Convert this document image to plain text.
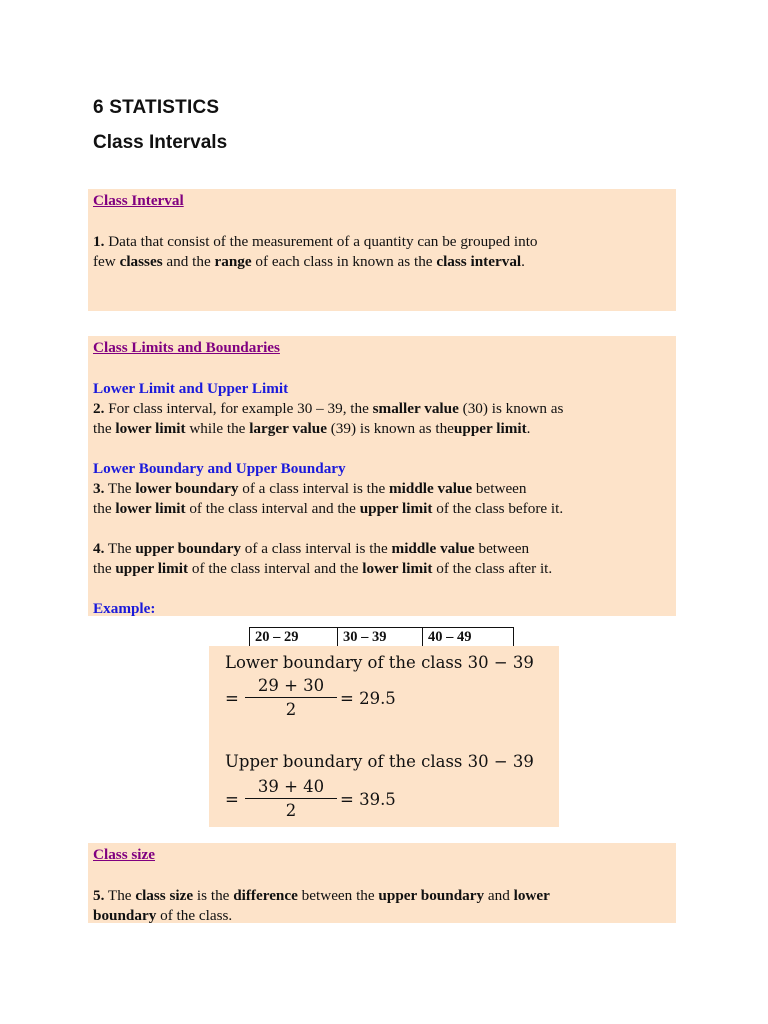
6 STATISTICS
Class Intervals
Class Interval
1. Data that consist of the measurement of a quantity can be grouped into
few classes and the range of each class in known as the class interval.
Class Limits and Boundaries
Lower Limit and Upper Limit
2. For class interval, for example 30 – 39, the smaller value (30) is known as
the lower limit while the larger value (39) is known as theupper limit.
Lower Boundary and Upper Boundary
3. The lower boundary of a class interval is the middle value between
the lower limit of the class interval and the upper limit of the class before it.
4. The upper boundary of a class interval is the middle value between
the upper limit of the class interval and the lower limit of the class after it.
Example:
20 – 29	30 – 39	40 – 49
Lower boundary of the class 30 − 39
=
29 + 30
2
= 29.5
Upper boundary of the class 30 − 39
=
39 + 40
2
= 39.5
Class size
5. The class size is the difference between the upper boundary and lower
boundary of the class.
